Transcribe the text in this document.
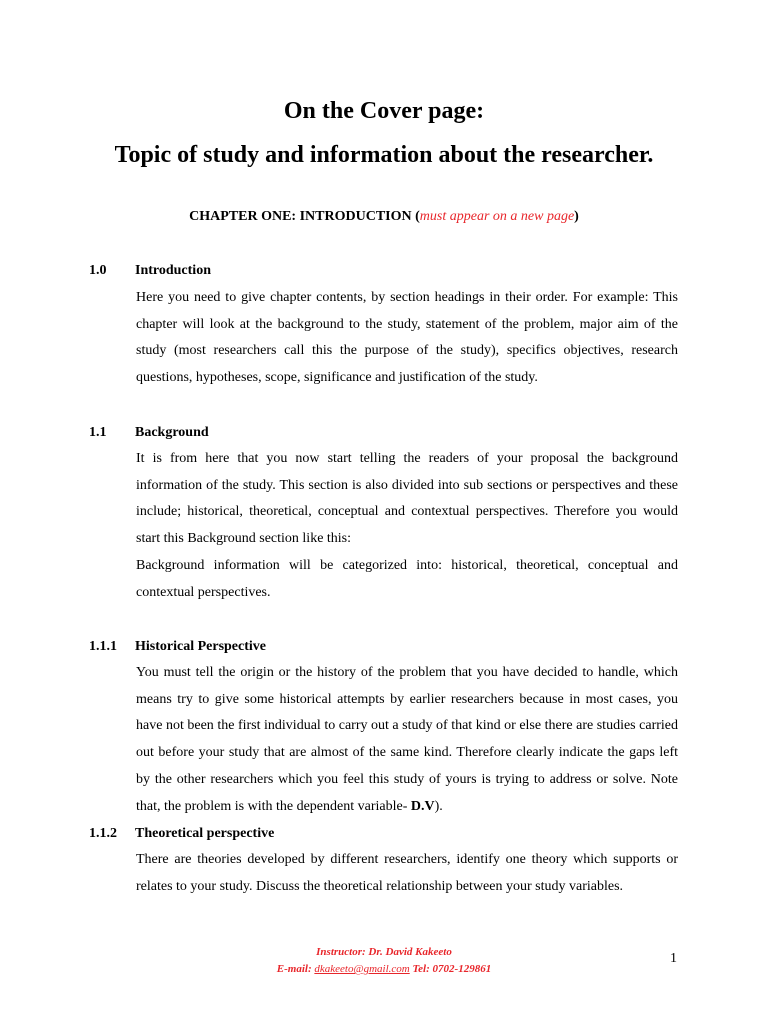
On the Cover page:
Topic of study and information about the researcher.
CHAPTER ONE: INTRODUCTION (must appear on a new page)
1.0 Introduction

Here you need to give chapter contents, by section headings in their order. For example: This chapter will look at the background to the study, statement of the problem, major aim of the study (most researchers call this the purpose of the study), specifics objectives, research questions, hypotheses, scope, significance and justification of the study.

1.1 Background

It is from here that you now start telling the readers of your proposal the background information of the study. This section is also divided into sub sections or perspectives and these include; historical, theoretical, conceptual and contextual perspectives. Therefore you would start this Background section like this:

Background information will be categorized into: historical, theoretical, conceptual and contextual perspectives.

1.1.1 Historical Perspective

You must tell the origin or the history of the problem that you have decided to handle, which means try to give some historical attempts by earlier researchers because in most cases, you have not been the first individual to carry out a study of that kind or else there are studies carried out before your study that are almost of the same kind. Therefore clearly indicate the gaps left by the other researchers which you feel this study of yours is trying to address or solve. Note that, the problem is with the dependent variable- D.V).

1.1.2 Theoretical perspective

There are theories developed by different researchers, identify one theory which supports or relates to your study. Discuss the theoretical relationship between your study variables.

Instructor: Dr. David Kakeeto
E-mail: dkakeeto@gmail.com Tel: 0702-129861
1
